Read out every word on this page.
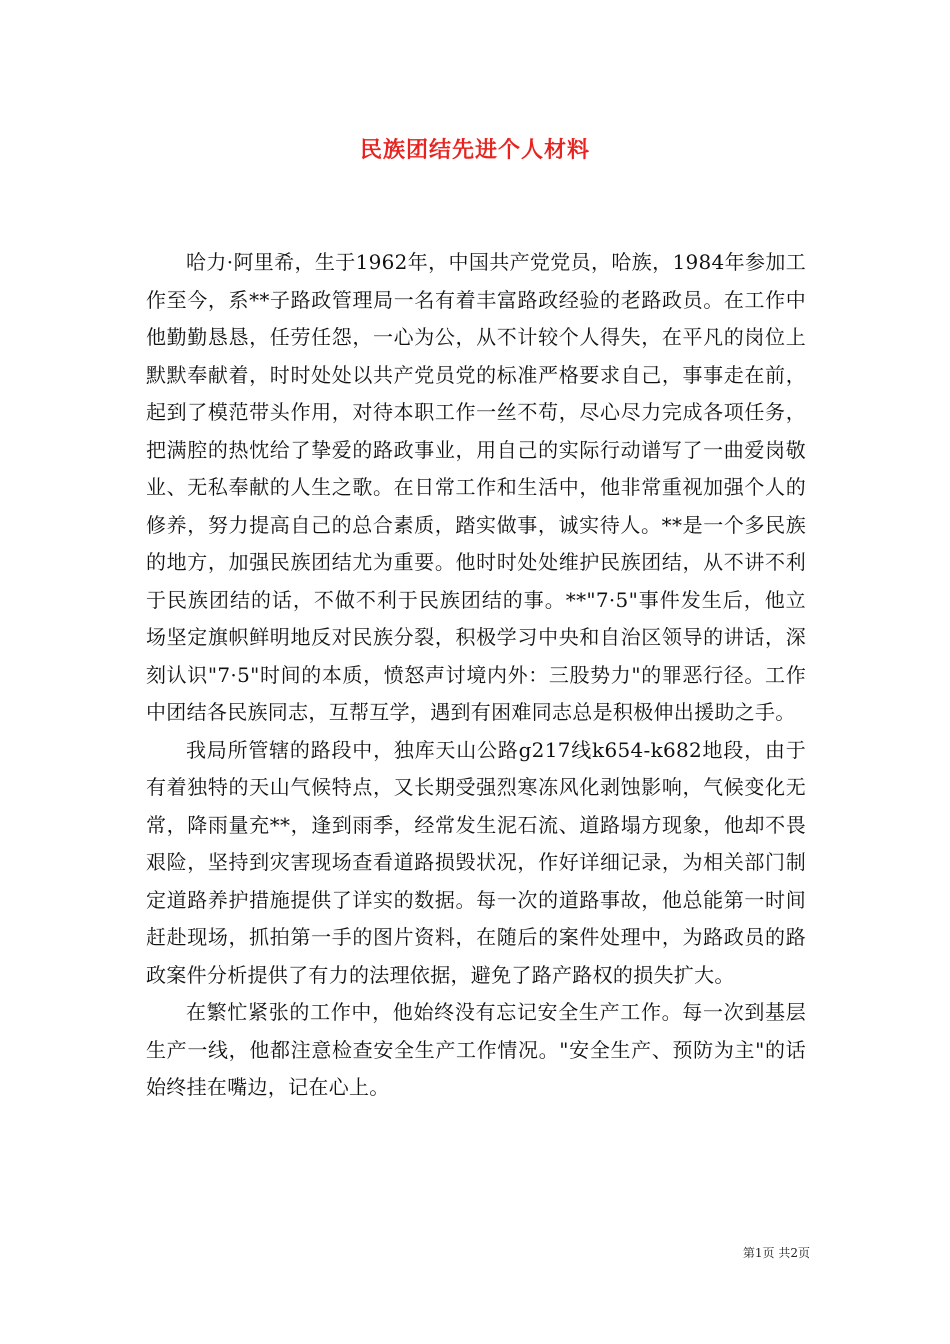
民族团结先进个人材料

哈力·阿里希，生于1962年，中国共产党党员，哈族，1984年参加工作至今，系**子路政管理局一名有着丰富路政经验的老路政员。在工作中他勤勤恳恳，任劳任怨，一心为公，从不计较个人得失，在平凡的岗位上默默奉献着，时时处处以共产党员党的标准严格要求自己，事事走在前，起到了模范带头作用，对待本职工作一丝不苟，尽心尽力完成各项任务，把满腔的热忱给了挚爱的路政事业，用自己的实际行动谱写了一曲爱岗敬业、无私奉献的人生之歌。在日常工作和生活中，他非常重视加强个人的修养，努力提高自己的总合素质，踏实做事，诚实待人。**是一个多民族的地方，加强民族团结尤为重要。他时时处处维护民族团结，从不讲不利于民族团结的话，不做不利于民族团结的事。**"7·5"事件发生后，他立场坚定旗帜鲜明地反对民族分裂，积极学习中央和自治区领导的讲话，深刻认识"7·5"时间的本质，愤怒声讨境内外：三股势力"的罪恶行径。工作中团结各民族同志，互帮互学，遇到有困难同志总是积极伸出援助之手。

我局所管辖的路段中，独库天山公路g217线k654-k682地段，由于有着独特的天山气候特点，又长期受强烈寒冻风化剥蚀影响，气候变化无常，降雨量充**，逢到雨季，经常发生泥石流、道路塌方现象，他却不畏艰险，坚持到灾害现场查看道路损毁状况，作好详细记录，为相关部门制定道路养护措施提供了详实的数据。每一次的道路事故，他总能第一时间赶赴现场，抓拍第一手的图片资料，在随后的案件处理中，为路政员的路政案件分析提供了有力的法理依据，避免了路产路权的损失扩大。

在繁忙紧张的工作中，他始终没有忘记安全生产工作。每一次到基层生产一线，他都注意检查安全生产工作情况。"安全生产、预防为主"的话始终挂在嘴边，记在心上。

第1页 共2页
